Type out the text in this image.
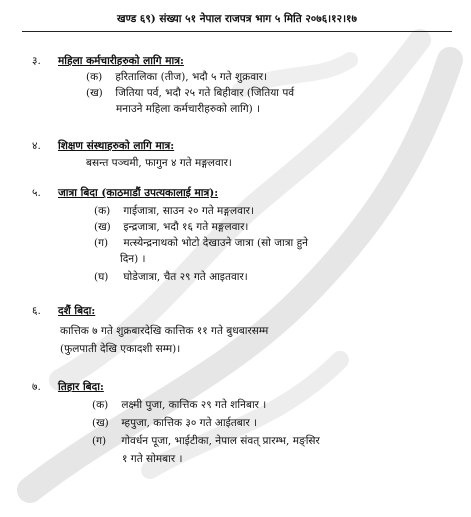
खण्ड ६९) संख्या ५१ नेपाल राजपत्र भाग ५ मिति २०७६।१२।१७
३. महिला कर्मचारीहरुको लागि मात्र:
(क) हरितालिका (तीज), भदौ ५ गते शुक्रवार।
(ख) जितिया पर्व, भदौ २५ गते बिहीवार (जितिया पर्व
मनाउने महिला कर्मचारीहरुको लागि) ।
४. शिक्षण संस्थाहरुको लागि मात्र:
बसन्त पञ्चमी, फागुन ४ गते मङ्गलवार।
५. जात्रा बिदा (काठमाडौं उपत्यकालाई मात्र):
(क) गाईजात्रा, साउन २० गते मङ्गलवार।
(ख) इन्द्रजात्रा, भदौ १६ गते मङ्गलवार।
(ग) मत्स्येन्द्रनाथको भोटो देखाउने जात्रा (सो जात्रा हुने
दिन) ।
(घ) घोडेजात्रा, चैत २९ गते आइतवार।
६. दशैं बिदा:
कात्तिक ७ गते शुक्रबारदेखि कात्तिक ११ गते बुधबारसम्म
(फुलपाती देखि एकादशी सम्म)।
७. तिहार बिदा:
(क) लक्ष्मी पुजा, कात्तिक २९ गते शनिबार ।
(ख) म्हपुजा, कात्तिक ३० गते आईतबार ।
(ग) गोवर्धन पूजा, भाईटीका, नेपाल संवत् प्रारम्भ, मङ्सिर
१ गते सोमबार ।
